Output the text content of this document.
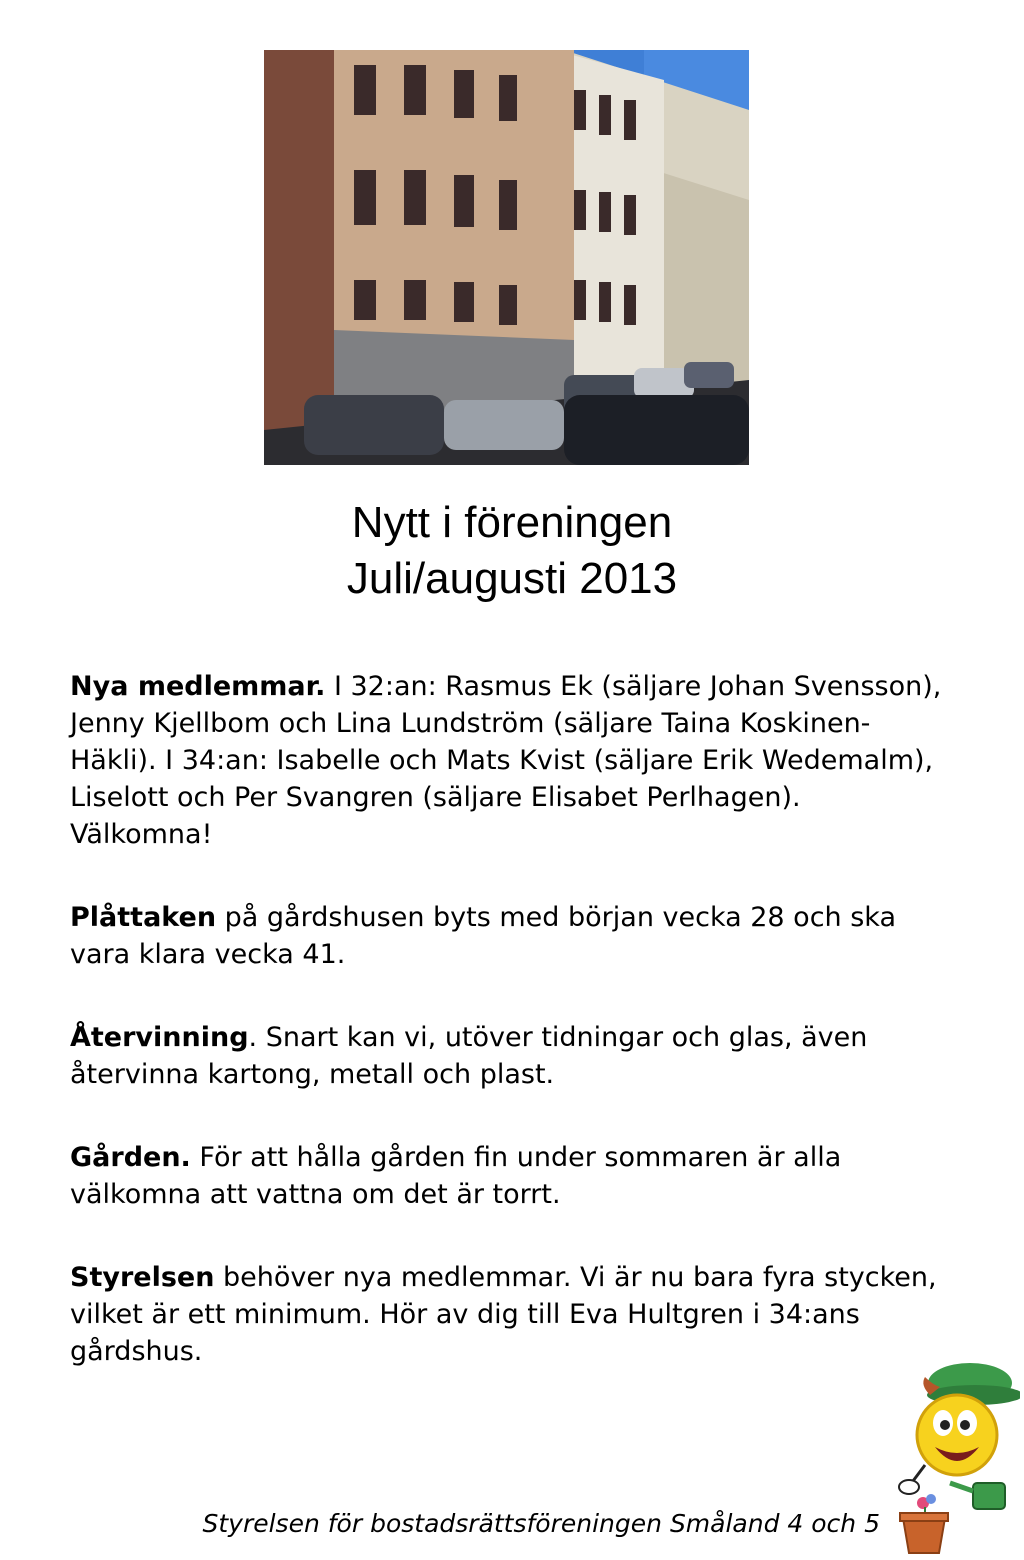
Nytt i föreningen
Juli/augusti 2013

Nya medlemmar. I 32:an: Rasmus Ek (säljare Johan Svensson), Jenny Kjellbom och Lina Lundström (säljare Taina Koskinen-Häkli). I 34:an: Isabelle och Mats Kvist (säljare Erik Wedemalm), Liselott och Per Svangren (säljare Elisabet Perlhagen). Välkomna!

Plåttaken på gårdshusen byts med början vecka 28 och ska vara klara vecka 41.

Återvinning. Snart kan vi, utöver tidningar och glas, även återvinna kartong, metall och plast.

Gården. För att hålla gården fin under sommaren är alla välkomna att vattna om det är torrt.

Styrelsen behöver nya medlemmar. Vi är nu bara fyra stycken, vilket är ett minimum. Hör av dig till Eva Hultgren i 34:ans gårdshus.

Styrelsen för bostadsrättsföreningen Småland 4 och 5
